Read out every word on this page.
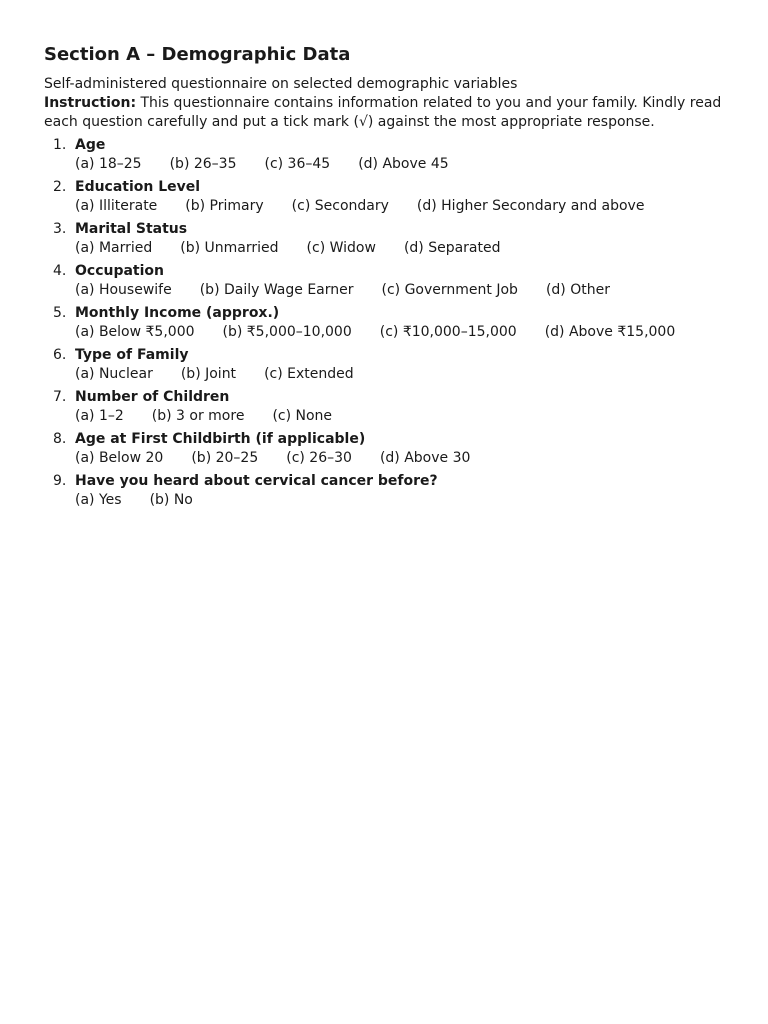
Section A – Demographic Data

Self-administered questionnaire on selected demographic variables

Instruction: This questionnaire contains information related to you and your family. Kindly read each question carefully and put a tick mark (√) against the most appropriate response.

1. Age
(a) 18–25 (b) 26–35 (c) 36–45 (d) Above 45
2. Education Level
(a) Illiterate (b) Primary (c) Secondary (d) Higher Secondary and above
3. Marital Status
(a) Married (b) Unmarried (c) Widow (d) Separated
4. Occupation
(a) Housewife (b) Daily Wage Earner (c) Government Job (d) Other
5. Monthly Income (approx.)
(a) Below ₹5,000 (b) ₹5,000–10,000 (c) ₹10,000–15,000 (d) Above ₹15,000
6. Type of Family
(a) Nuclear (b) Joint (c) Extended
7. Number of Children
(a) 1–2 (b) 3 or more (c) None
8. Age at First Childbirth (if applicable)
(a) Below 20 (b) 20–25 (c) 26–30 (d) Above 30
9. Have you heard about cervical cancer before?
(a) Yes (b) No
